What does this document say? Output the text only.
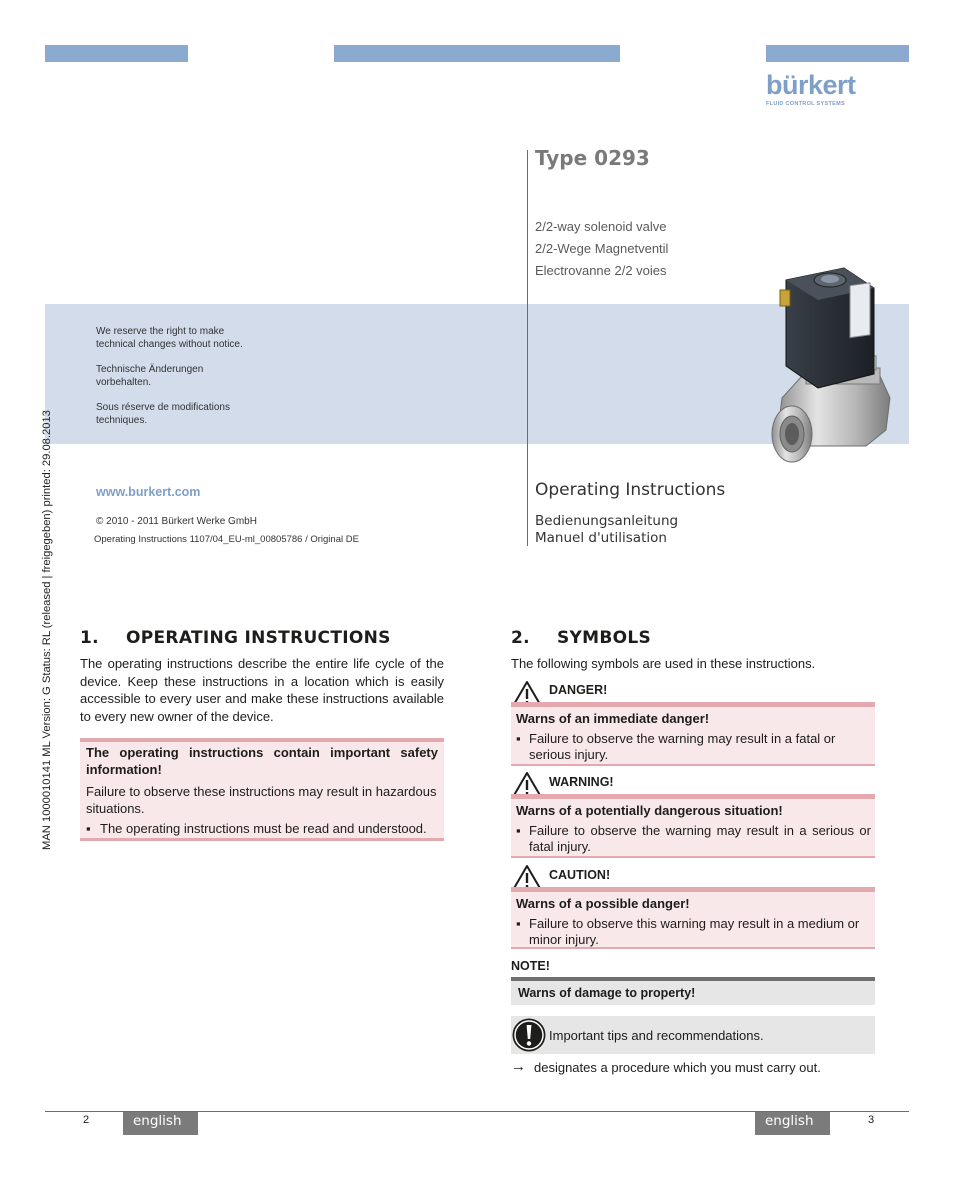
bürkert
FLUID CONTROL SYSTEMS
Type 0293
2/2-way solenoid valve
2/2-Wege Magnetventil
Electrovanne 2/2 voies
We reserve the right to make
technical changes without notice.
Technische Änderungen
vorbehalten.
Sous réserve de modifications
techniques.
MAN 1000010141 ML Version: G Status: RL (released | freigegeben) printed: 29.08.2013	www.burkert.com
© 2010 - 2011 Bürkert Werke GmbH
Operating Instructions 1107/04_EU-ml_00805786 / Original DE
Operating Instructions
Bedienungsanleitung
Manuel d'utilisation
1. OPERATING INSTRUCTIONS
The operating instructions describe the entire life cycle of the device. Keep these instructions in a location which is easily accessible to every user and make these instructions available to every new owner of the device.
The operating instructions contain important safety information!
Failure to observe these instructions may result in hazardous situations.
▪ The operating instructions must be read and understood.
2. SYMBOLS
The following symbols are used in these instructions.
DANGER!
Warns of an immediate danger!
▪ Failure to observe the warning may result in a fatal or serious injury.
WARNING!
Warns of a potentially dangerous situation!
▪ Failure to observe the warning may result in a serious or fatal injury.
CAUTION!
Warns of a possible danger!
▪ Failure to observe this warning may result in a medium or minor injury.
NOTE!
Warns of damage to property!
Important tips and recommendations.
→ designates a procedure which you must carry out.
2	english	english	3
